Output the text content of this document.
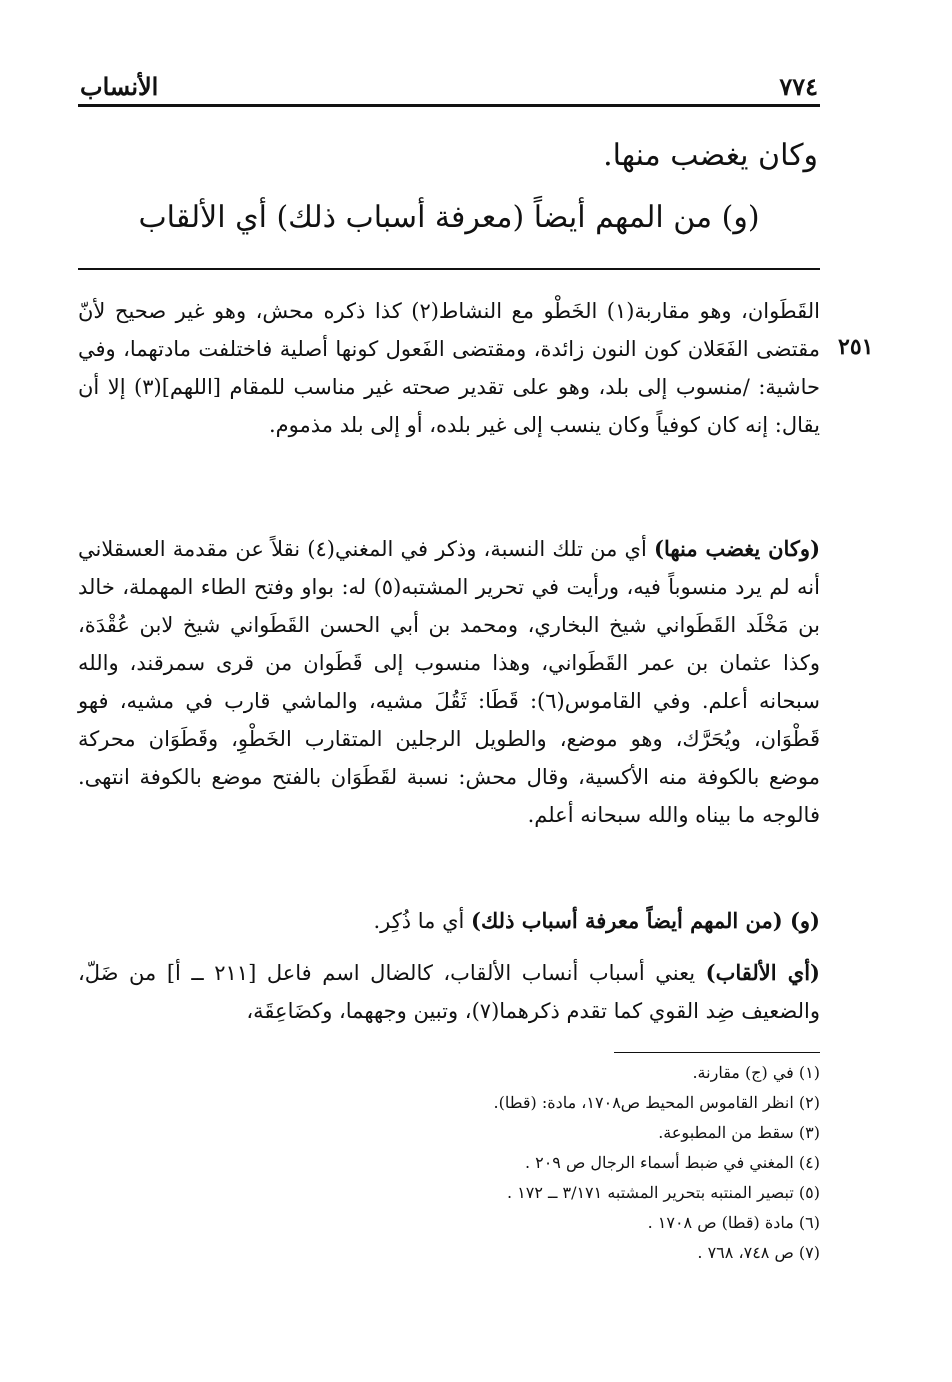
٧٧٤
الأنساب
وكان يغضب منها.
(و) من المهم أيضاً (معرفة أسباب ذلك) أي الألقاب
٢٥١
القَطَوان، وهو مقاربة(١) الخَطْو مع النشاط(٢) كذا ذكره محش، وهو غير صحيح لأنّ مقتضى الفَعَلان كون النون زائدة، ومقتضى الفَعول كونها أصلية فاختلفت مادتهما، وفي حاشية: /منسوب إلى بلد، وهو على تقدير صحته غير مناسب للمقام [اللهم](٣) إلا أن يقال: إنه كان كوفياً وكان ينسب إلى غير بلده، أو إلى بلد مذموم.
(وكان يغضب منها) أي من تلك النسبة، وذكر في المغني(٤) نقلاً عن مقدمة العسقلاني أنه لم يرد منسوباً فيه، ورأيت في تحرير المشتبه(٥) له: بواو وفتح الطاء المهملة، خالد بن مَخْلَد القَطَواني شيخ البخاري، ومحمد بن أبي الحسن القَطَواني شيخ لابن عُقْدَة، وكذا عثمان بن عمر القَطَواني، وهذا منسوب إلى قَطَوان من قرى سمرقند، والله سبحانه أعلم. وفي القاموس(٦): قَطَا: ثَقُلَ مشيه، والماشي قارب في مشيه، فهو قَطْوَان، ويُحَرَّك، وهو موضع، والطويل الرجلين المتقارب الخَطْوِ، وقَطَوَان محركة موضع بالكوفة منه الأكسية، وقال محش: نسبة لقَطَوَان بالفتح موضع بالكوفة انتهى. فالوجه ما بيناه والله سبحانه أعلم.
(و) (من المهم أيضاً معرفة أسباب ذلك) أي ما ذُكِر.
(أي الألقاب) يعني أسباب أنساب الألقاب، كالضال اسم فاعل [٢١١ ــ أ] من ضَلّ، والضعيف ضِد القوي كما تقدم ذكرهما(٧)، وتبين وجههما، وكضَاعِقَة،
(١) في (ج) مقارنة.
(٢) انظر القاموس المحيط ص١٧٠٨، مادة: (قطا).
(٣) سقط من المطبوعة.
(٤) المغني في ضبط أسماء الرجال ص ٢٠٩ .
(٥) تبصير المنتبه بتحرير المشتبه ٣/١٧١ ــ ١٧٢ .
(٦) مادة (قطا) ص ١٧٠٨ .
(٧) ص ٧٤٨، ٧٦٨ .
